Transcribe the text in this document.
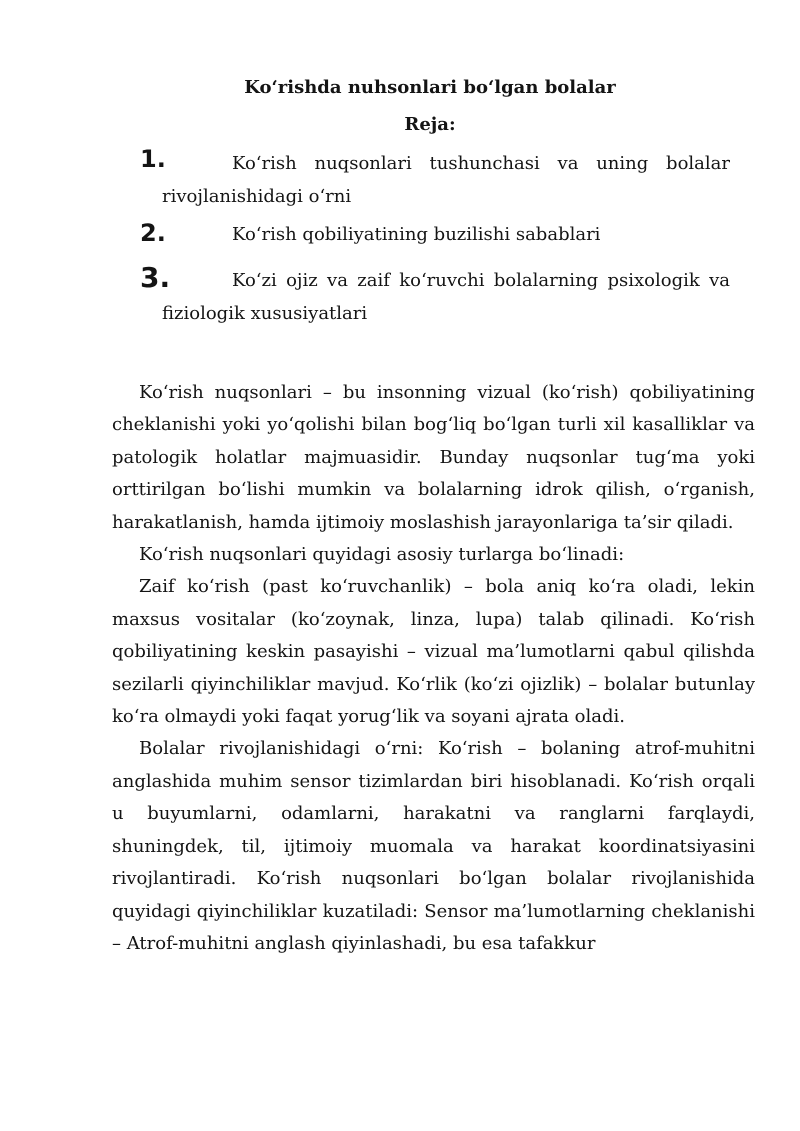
Ko‘rishda nuhsonlari bo‘lgan bolalar
Reja:
1.	Ko‘rish nuqsonlari tushunchasi va uning bolalar rivojlanishidagi o‘rni
2.	Ko‘rish qobiliyatining buzilishi sabablari
3.	Ko‘zi ojiz va zaif ko‘ruvchi bolalarning psixologik va fiziologik xususiyatlari

Ko‘rish nuqsonlari – bu insonning vizual (ko‘rish) qobiliyatining cheklanishi yoki yo‘qolishi bilan bog‘liq bo‘lgan turli xil kasalliklar va patologik holatlar majmuasidir. Bunday nuqsonlar tug‘ma yoki orttirilgan bo‘lishi mumkin va bolalarning idrok qilish, o‘rganish, harakatlanish, hamda ijtimoiy moslashish jarayonlariga ta’sir qiladi.

Ko‘rish nuqsonlari quyidagi asosiy turlarga bo‘linadi:

Zaif ko‘rish (past ko‘ruvchanlik) – bola aniq ko‘ra oladi, lekin maxsus vositalar (ko‘zoynak, linza, lupa) talab qilinadi. Ko‘rish qobiliyatining keskin pasayishi – vizual ma’lumotlarni qabul qilishda sezilarli qiyinchiliklar mavjud. Ko‘rlik (ko‘zi ojizlik) – bolalar butunlay ko‘ra olmaydi yoki faqat yorug‘lik va soyani ajrata oladi.

Bolalar rivojlanishidagi o‘rni: Ko‘rish – bolaning atrof-muhitni anglashida muhim sensor tizimlardan biri hisoblanadi. Ko‘rish orqali u buyumlarni, odamlarni, harakatni va ranglarni farqlaydi, shuningdek, til, ijtimoiy muomala va harakat koordinatsiyasini rivojlantiradi. Ko‘rish nuqsonlari bo‘lgan bolalar rivojlanishida quyidagi qiyinchiliklar kuzatiladi: Sensor ma’lumotlarning cheklanishi – Atrof-muhitni anglash qiyinlashadi, bu esa tafakkur
